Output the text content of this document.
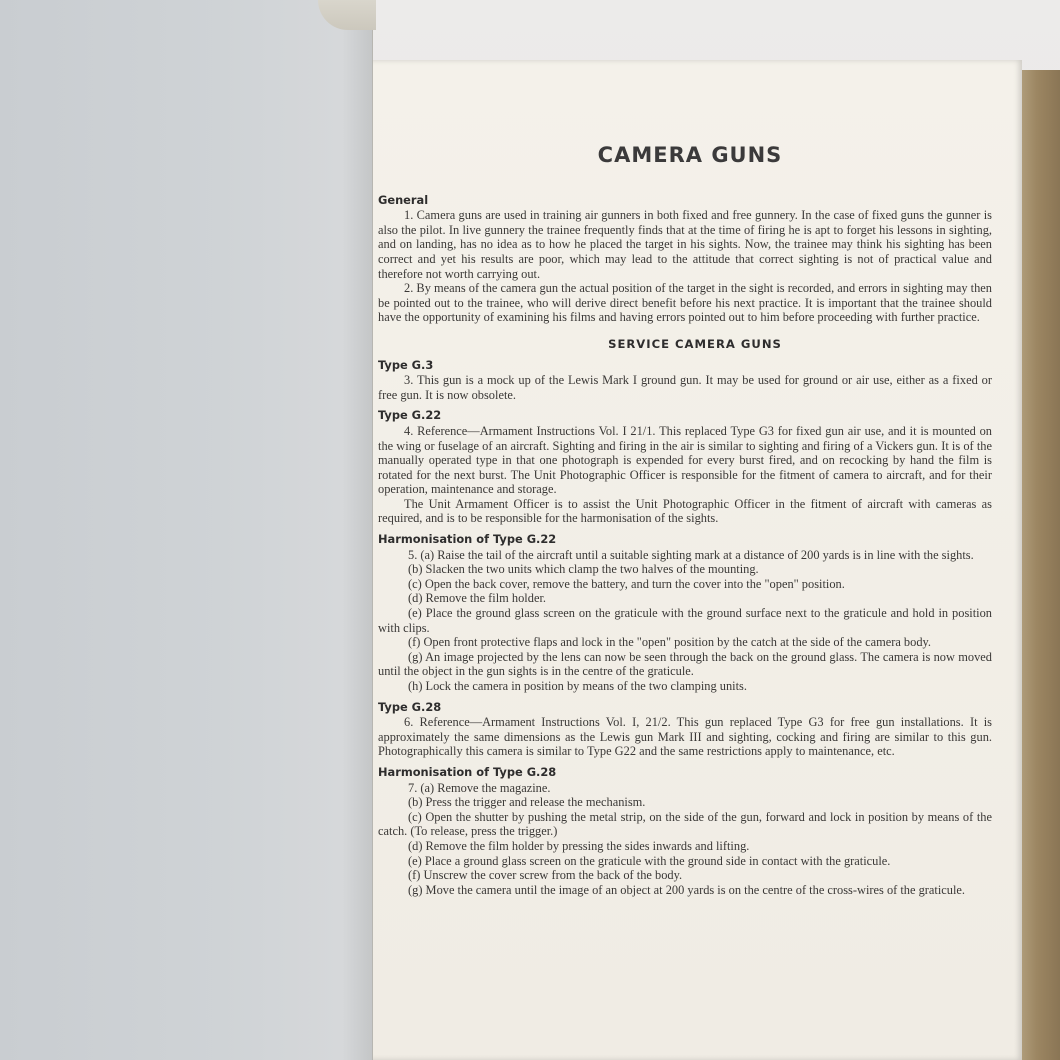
CAMERA GUNS
General

1. Camera guns are used in training air gunners in both fixed and free gunnery. In the case of fixed guns the gunner is also the pilot. In live gunnery the trainee frequently finds that at the time of firing he is apt to forget his lessons in sighting, and on landing, has no idea as to how he placed the target in his sights. Now, the trainee may think his sighting has been correct and yet his results are poor, which may lead to the attitude that correct sighting is not of practical value and therefore not worth carrying out.

2. By means of the camera gun the actual position of the target in the sight is recorded, and errors in sighting may then be pointed out to the trainee, who will derive direct benefit before his next practice. It is important that the trainee should have the opportunity of examining his films and having errors pointed out to him before proceeding with further practice.

SERVICE CAMERA GUNS
Type G.3

3. This gun is a mock up of the Lewis Mark I ground gun. It may be used for ground or air use, either as a fixed or free gun. It is now obsolete.

Type G.22

4. Reference—Armament Instructions Vol. I 21/1. This replaced Type G3 for fixed gun air use, and it is mounted on the wing or fuselage of an aircraft. Sighting and firing in the air is similar to sighting and firing of a Vickers gun. It is of the manually operated type in that one photograph is expended for every burst fired, and on recocking by hand the film is rotated for the next burst. The Unit Photographic Officer is responsible for the fitment of camera to aircraft, and for their operation, maintenance and storage.

The Unit Armament Officer is to assist the Unit Photographic Officer in the fitment of aircraft with cameras as required, and is to be responsible for the harmonisation of the sights.

Harmonisation of Type G.22
5. (a) Raise the tail of the aircraft until a suitable sighting mark at a distance of 200 yards is in line with the sights.
(b) Slacken the two units which clamp the two halves of the mounting.
(c) Open the back cover, remove the battery, and turn the cover into the "open" position.
(d) Remove the film holder.
(e) Place the ground glass screen on the graticule with the ground surface next to the graticule and hold in position with clips.
(f) Open front protective flaps and lock in the "open" position by the catch at the side of the camera body.
(g) An image projected by the lens can now be seen through the back on the ground glass. The camera is now moved until the object in the gun sights is in the centre of the graticule.
(h) Lock the camera in position by means of the two clamping units.
Type G.28

6. Reference—Armament Instructions Vol. I, 21/2. This gun replaced Type G3 for free gun installations. It is approximately the same dimensions as the Lewis gun Mark III and sighting, cocking and firing are similar to this gun. Photographically this camera is similar to Type G22 and the same restrictions apply to maintenance, etc.

Harmonisation of Type G.28
7. (a) Remove the magazine.
(b) Press the trigger and release the mechanism.
(c) Open the shutter by pushing the metal strip, on the side of the gun, forward and lock in position by means of the catch. (To release, press the trigger.)
(d) Remove the film holder by pressing the sides inwards and lifting.
(e) Place a ground glass screen on the graticule with the ground side in contact with the graticule.
(f) Unscrew the cover screw from the back of the body.
(g) Move the camera until the image of an object at 200 yards is on the centre of the cross-wires of the graticule.
